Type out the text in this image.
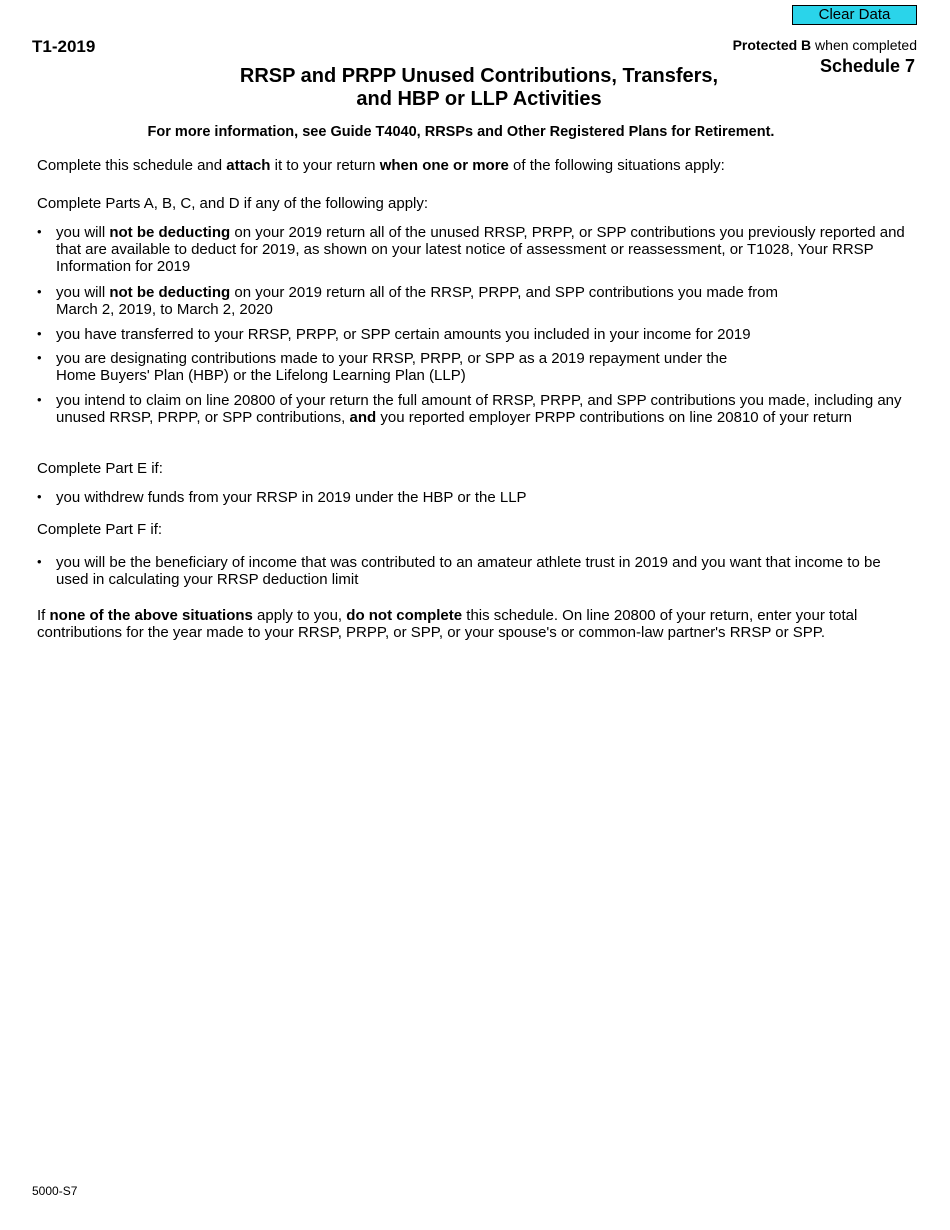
Clear Data
T1-2019	Protected B when completed
Schedule 7
RRSP and PRPP Unused Contributions, Transfers,
and HBP or LLP Activities
For more information, see Guide T4040, RRSPs and Other Registered Plans for Retirement.
Complete this schedule and attach it to your return when one or more of the following situations apply:
Complete Parts A, B, C, and D if any of the following apply:
• you will not be deducting on your 2019 return all of the unused RRSP, PRPP, or SPP contributions you previously reported and that are available to deduct for 2019, as shown on your latest notice of assessment or reassessment, or T1028, Your RRSP Information for 2019
• you will not be deducting on your 2019 return all of the RRSP, PRPP, and SPP contributions you made from
March 2, 2019, to March 2, 2020
• you have transferred to your RRSP, PRPP, or SPP certain amounts you included in your income for 2019
• you are designating contributions made to your RRSP, PRPP, or SPP as a 2019 repayment under the
Home Buyers' Plan (HBP) or the Lifelong Learning Plan (LLP)
• you intend to claim on line 20800 of your return the full amount of RRSP, PRPP, and SPP contributions you made, including any unused RRSP, PRPP, or SPP contributions, and you reported employer PRPP contributions on line 20810 of your return
Complete Part E if:
• you withdrew funds from your RRSP in 2019 under the HBP or the LLP
Complete Part F if:
• you will be the beneficiary of income that was contributed to an amateur athlete trust in 2019 and you want that income to be used in calculating your RRSP deduction limit
If none of the above situations apply to you, do not complete this schedule. On line 20800 of your return, enter your total contributions for the year made to your RRSP, PRPP, or SPP, or your spouse's or common-law partner's RRSP or SPP.
5000-S7
